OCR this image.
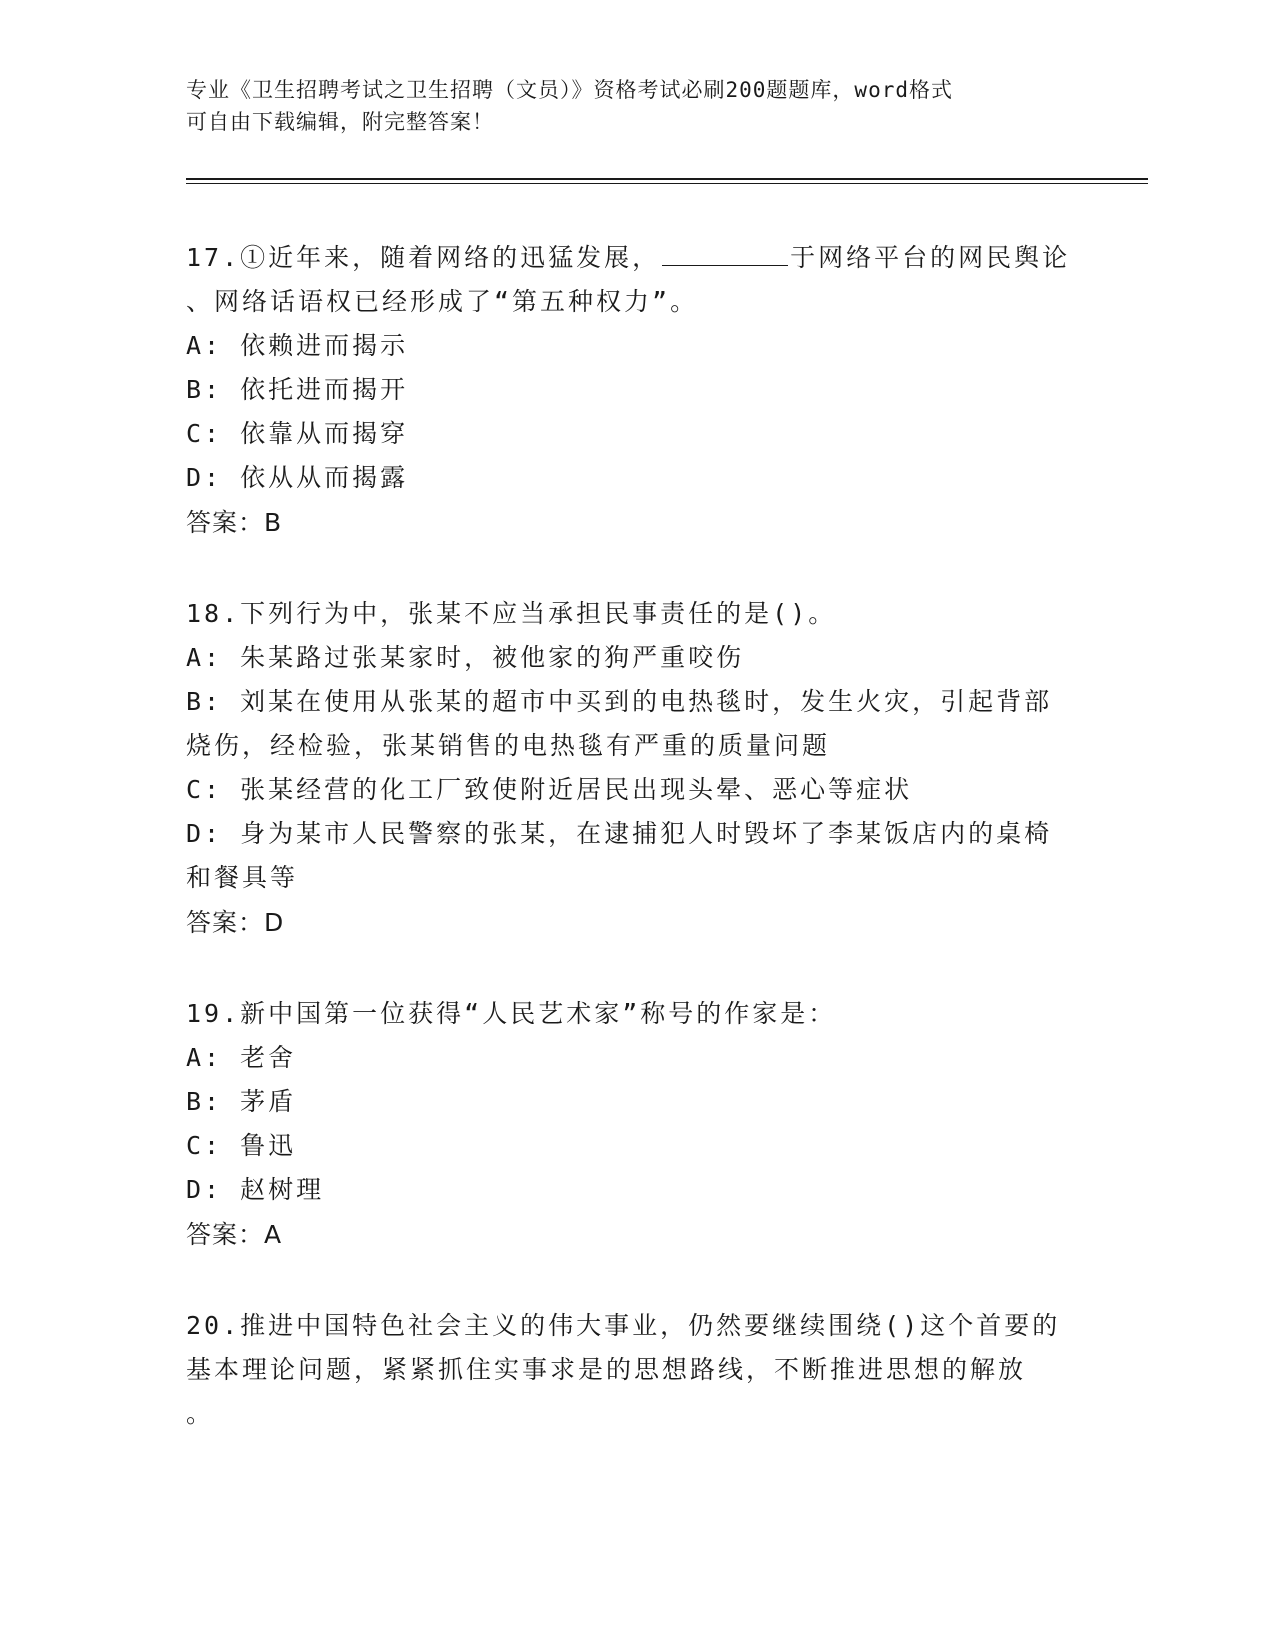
专业《卫生招聘考试之卫生招聘（文员）》资格考试必刷200题题库，word格式
可自由下载编辑，附完整答案！
17.①近年来，随着网络的迅猛发展，	于网络平台的网民舆论
、网络话语权已经形成了“第五种权力”。
A: 依赖进而揭示
B: 依托进而揭开
C: 依靠从而揭穿
D: 依从从而揭露
答案：B
18.下列行为中，张某不应当承担民事责任的是()。
A: 朱某路过张某家时，被他家的狗严重咬伤
B: 刘某在使用从张某的超市中买到的电热毯时，发生火灾，引起背部
烧伤，经检验，张某销售的电热毯有严重的质量问题
C: 张某经营的化工厂致使附近居民出现头晕、恶心等症状
D: 身为某市人民警察的张某，在逮捕犯人时毁坏了李某饭店内的桌椅
和餐具等
答案：D
19.新中国第一位获得“人民艺术家”称号的作家是：
A: 老舍
B: 茅盾
C: 鲁迅
D: 赵树理
答案：A
20.推进中国特色社会主义的伟大事业，仍然要继续围绕()这个首要的
基本理论问题，紧紧抓住实事求是的思想路线，不断推进思想的解放
。
